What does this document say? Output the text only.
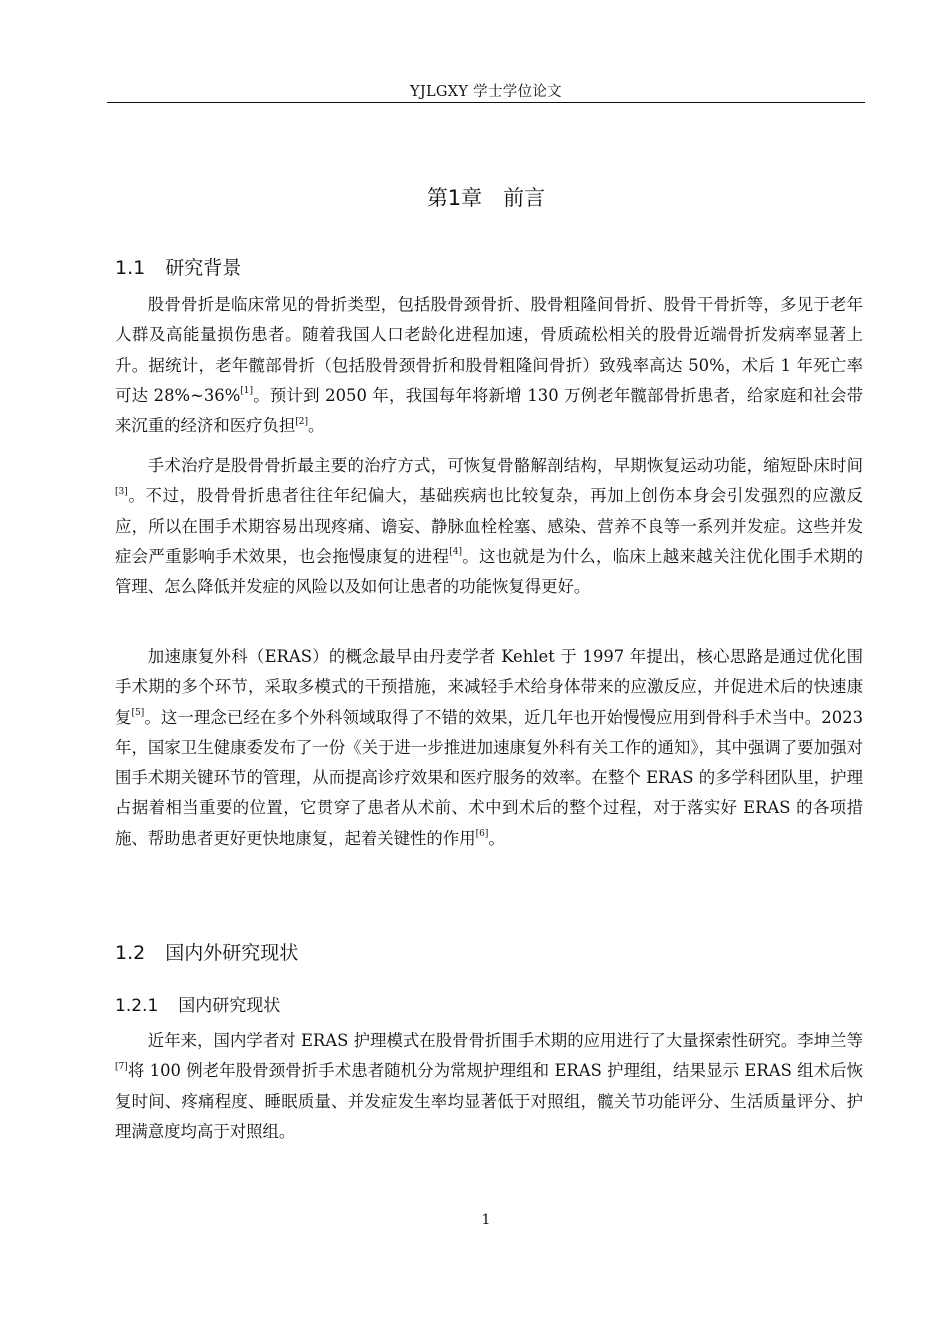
YJLGXY 学士学位论文
第1章　前言
1.1 研究背景

股骨骨折是临床常见的骨折类型，包括股骨颈骨折、股骨粗隆间骨折、股骨干骨折等，多见于老年人群及高能量损伤患者。随着我国人口老龄化进程加速，骨质疏松相关的股骨近端骨折发病率显著上升。据统计，老年髋部骨折（包括股骨颈骨折和股骨粗隆间骨折）致残率高达 50%，术后 1 年死亡率可达 28%~36%[1]。预计到 2050 年，我国每年将新增 130 万例老年髋部骨折患者，给家庭和社会带来沉重的经济和医疗负担[2]。

手术治疗是股骨骨折最主要的治疗方式，可恢复骨骼解剖结构，早期恢复运动功能，缩短卧床时间[3]。不过，股骨骨折患者往往年纪偏大，基础疾病也比较复杂，再加上创伤本身会引发强烈的应激反应，所以在围手术期容易出现疼痛、谵妄、静脉血栓栓塞、感染、营养不良等一系列并发症。这些并发症会严重影响手术效果，也会拖慢康复的进程[4]。这也就是为什么，临床上越来越关注优化围手术期的管理、怎么降低并发症的风险以及如何让患者的功能恢复得更好。

加速康复外科（ERAS）的概念最早由丹麦学者 Kehlet 于 1997 年提出，核心思路是通过优化围手术期的多个环节，采取多模式的干预措施，来减轻手术给身体带来的应激反应，并促进术后的快速康复[5]。这一理念已经在多个外科领域取得了不错的效果，近几年也开始慢慢应用到骨科手术当中。2023 年，国家卫生健康委发布了一份《关于进一步推进加速康复外科有关工作的通知》，其中强调了要加强对围手术期关键环节的管理，从而提高诊疗效果和医疗服务的效率。在整个 ERAS 的多学科团队里，护理占据着相当重要的位置，它贯穿了患者从术前、术中到术后的整个过程，对于落实好 ERAS 的各项措施、帮助患者更好更快地康复，起着关键性的作用[6]。

1.2 国内外研究现状
1.2.1 国内研究现状

近年来，国内学者对 ERAS 护理模式在股骨骨折围手术期的应用进行了大量探索性研究。李坤兰等[7]将 100 例老年股骨颈骨折手术患者随机分为常规护理组和 ERAS 护理组，结果显示 ERAS 组术后恢复时间、疼痛程度、睡眠质量、并发症发生率均显著低于对照组，髋关节功能评分、生活质量评分、护理满意度均高于对照组。

1
